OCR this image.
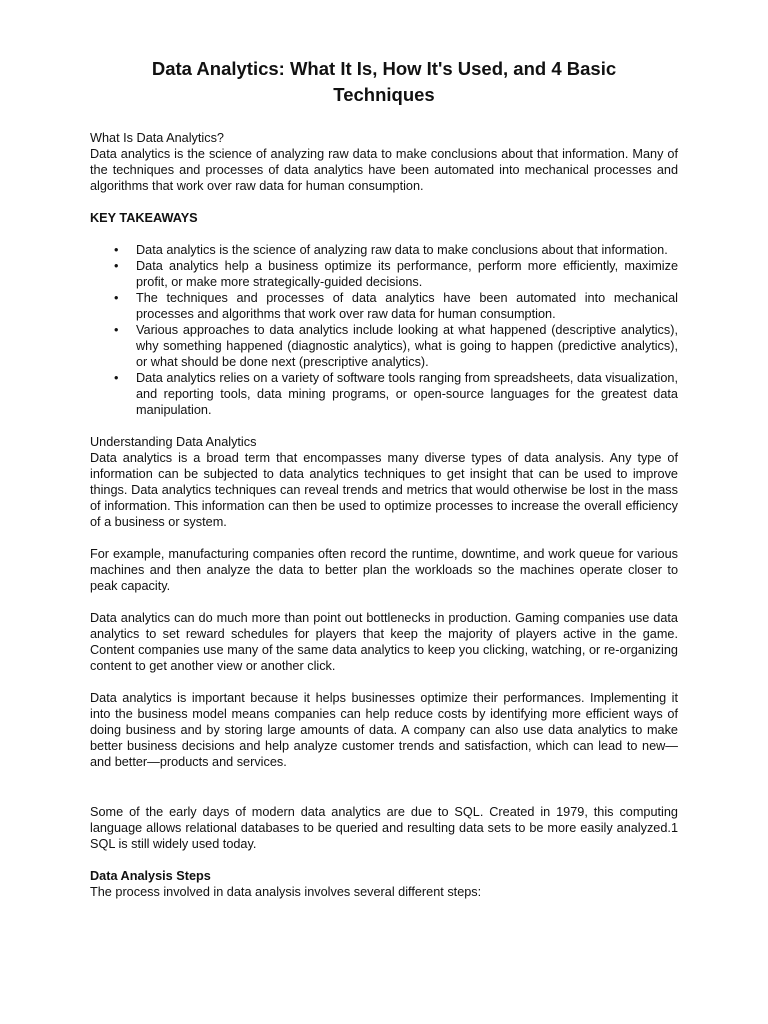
Data Analytics: What It Is, How It's Used, and 4 Basic Techniques
What Is Data Analytics?

Data analytics is the science of analyzing raw data to make conclusions about that information. Many of the techniques and processes of data analytics have been automated into mechanical processes and algorithms that work over raw data for human consumption.

KEY TAKEAWAYS
• Data analytics is the science of analyzing raw data to make conclusions about that information.
• Data analytics help a business optimize its performance, perform more efficiently, maximize profit, or make more strategically-guided decisions.
• The techniques and processes of data analytics have been automated into mechanical processes and algorithms that work over raw data for human consumption.
• Various approaches to data analytics include looking at what happened (descriptive analytics), why something happened (diagnostic analytics), what is going to happen (predictive analytics), or what should be done next (prescriptive analytics).
• Data analytics relies on a variety of software tools ranging from spreadsheets, data visualization, and reporting tools, data mining programs, or open-source languages for the greatest data manipulation.
Understanding Data Analytics

Data analytics is a broad term that encompasses many diverse types of data analysis. Any type of information can be subjected to data analytics techniques to get insight that can be used to improve things. Data analytics techniques can reveal trends and metrics that would otherwise be lost in the mass of information. This information can then be used to optimize processes to increase the overall efficiency of a business or system.

For example, manufacturing companies often record the runtime, downtime, and work queue for various machines and then analyze the data to better plan the workloads so the machines operate closer to peak capacity.

Data analytics can do much more than point out bottlenecks in production. Gaming companies use data analytics to set reward schedules for players that keep the majority of players active in the game. Content companies use many of the same data analytics to keep you clicking, watching, or re-organizing content to get another view or another click.

Data analytics is important because it helps businesses optimize their performances. Implementing it into the business model means companies can help reduce costs by identifying more efficient ways of doing business and by storing large amounts of data. A company can also use data analytics to make better business decisions and help analyze customer trends and satisfaction, which can lead to new—and better—products and services.

Some of the early days of modern data analytics are due to SQL. Created in 1979, this computing language allows relational databases to be queried and resulting data sets to be more easily analyzed.1 SQL is still widely used today.

Data Analysis Steps

The process involved in data analysis involves several different steps:
